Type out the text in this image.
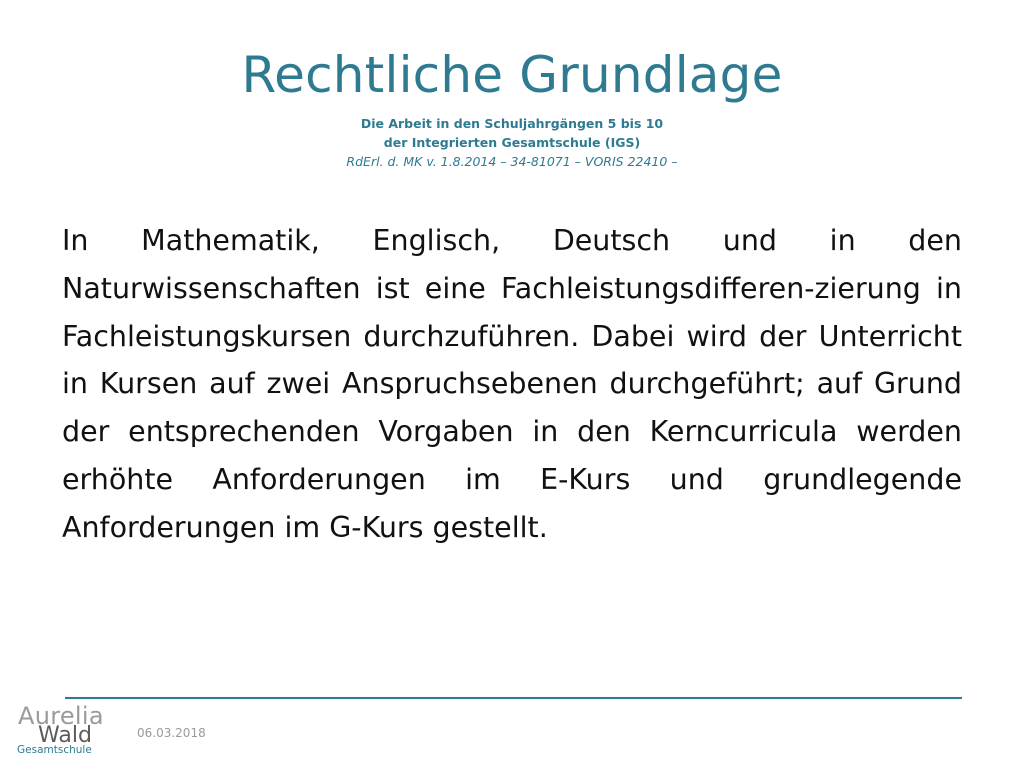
Rechtliche Grundlage
Die Arbeit in den Schuljahrgängen 5 bis 10
der Integrierten Gesamtschule (IGS)
RdErl. d. MK v. 1.8.2014 – 34-81071 – VORIS 22410 –
In Mathematik, Englisch, Deutsch und in den Naturwissenschaften ist eine Fachleistungsdifferen-zierung in Fachleistungskursen durchzuführen. Dabei wird der Unterricht in Kursen auf zwei Anspruchsebenen durchgeführt; auf Grund der entsprechenden Vorgaben in den Kerncurricula werden erhöhte Anforderungen im E-Kurs und grundlegende Anforderungen im G-Kurs gestellt.
Aurelia
Wald
Gesamtschule
06.03.2018
